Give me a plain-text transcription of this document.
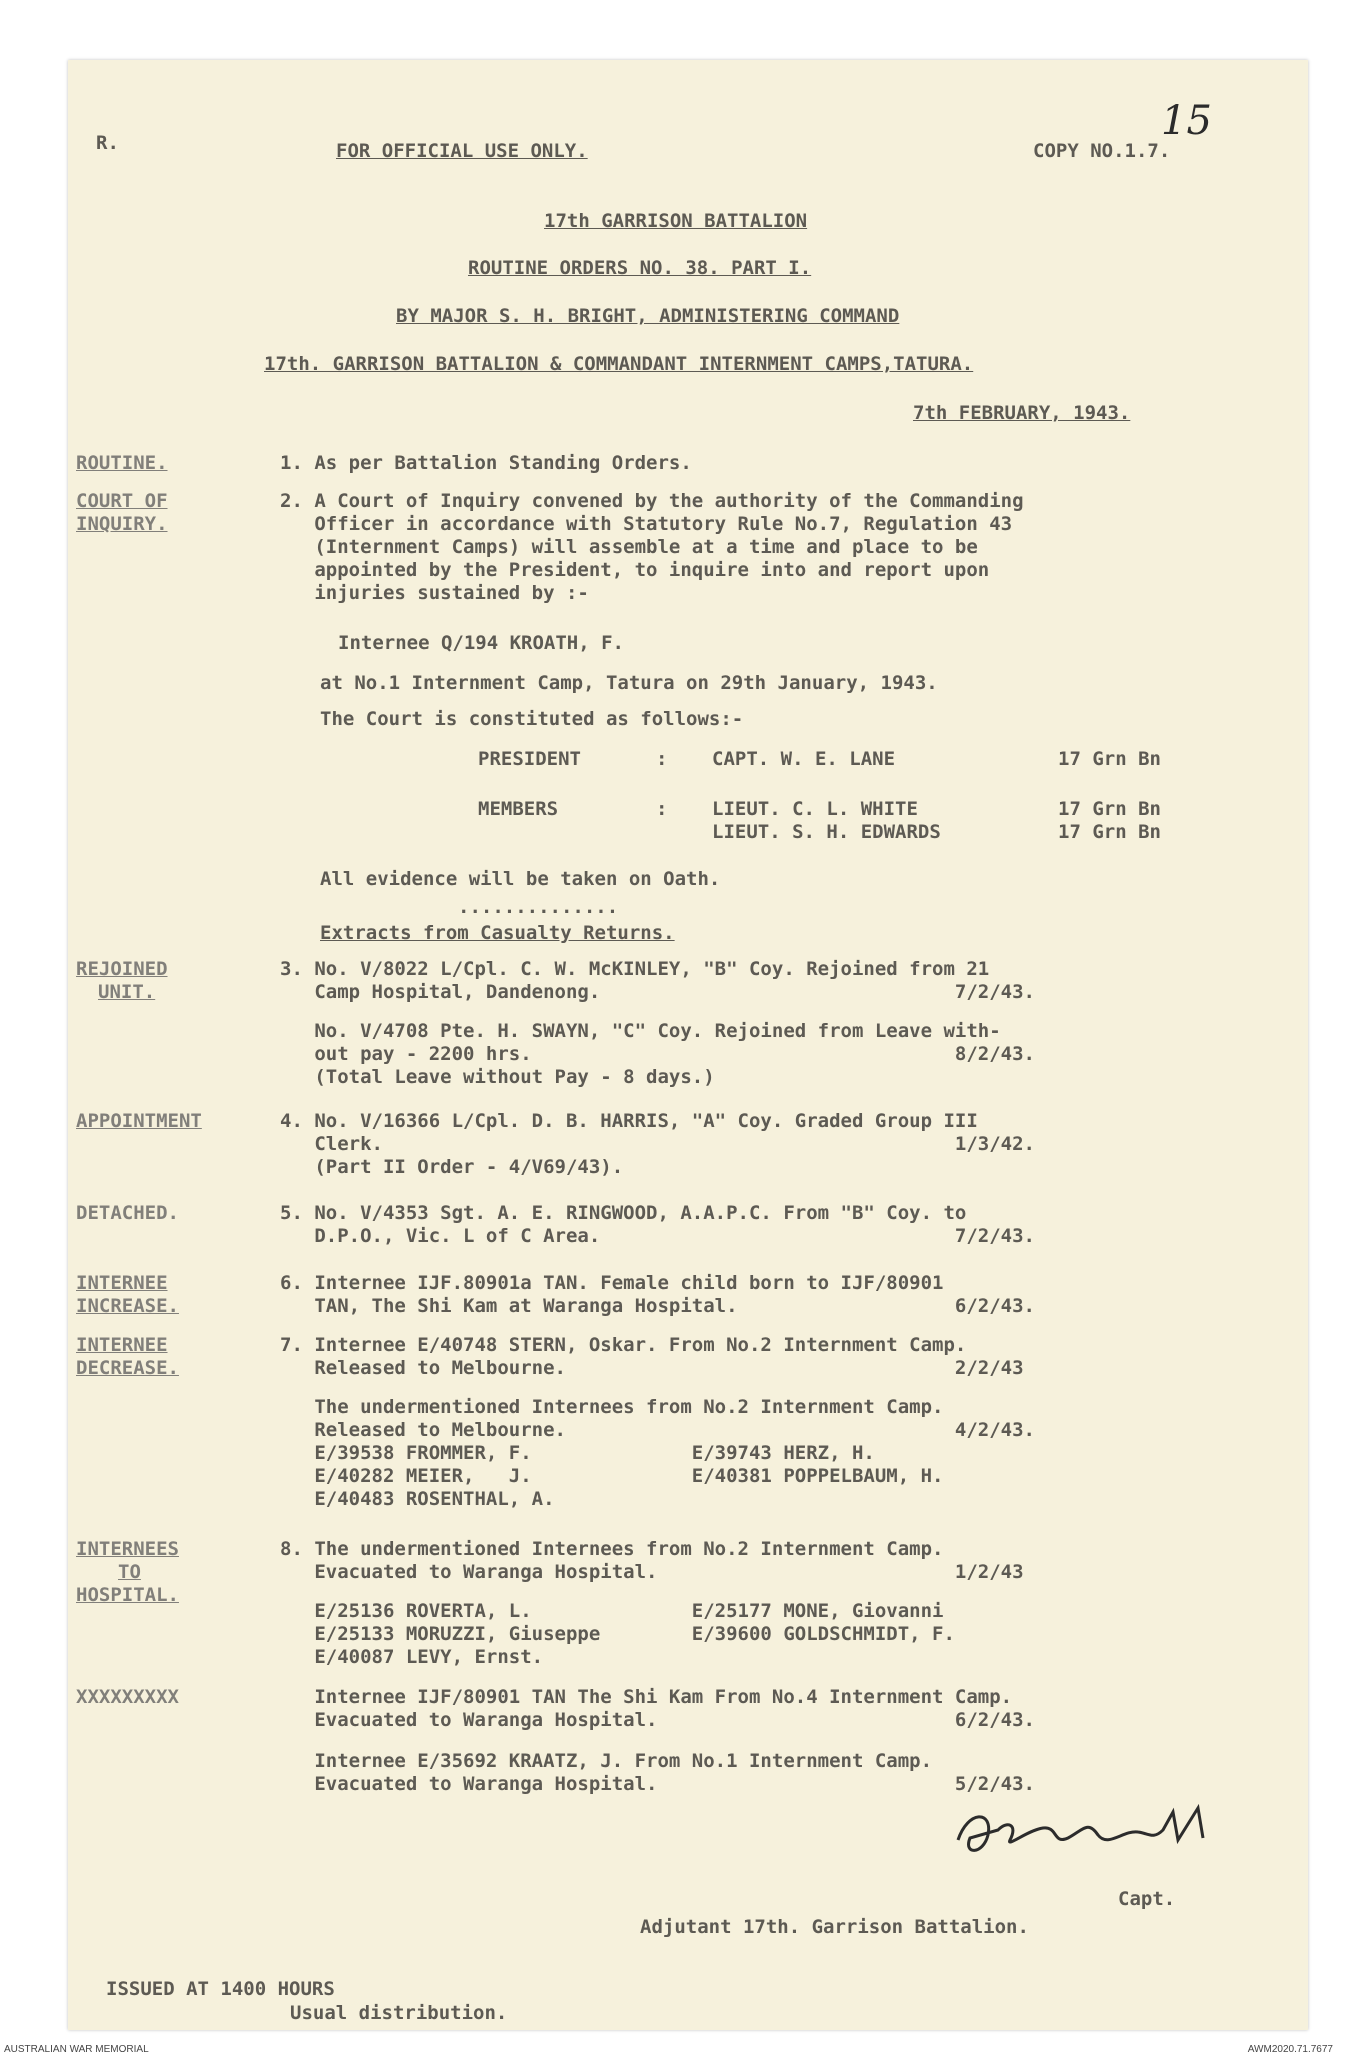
R.	FOR OFFICIAL USE ONLY.	COPY NO.1.7.
15
17th GARRISON BATTALION
ROUTINE ORDERS NO. 38. PART I.
BY MAJOR S. H. BRIGHT, ADMINISTERING COMMAND
17th. GARRISON BATTALION & COMMANDANT INTERNMENT CAMPS,TATURA.
7th FEBRUARY, 1943.
ROUTINE.	1. As per Battalion Standing Orders.
COURT OF
INQUIRY.
2. A Court of Inquiry convened by the authority of the Commanding
Officer in accordance with Statutory Rule No.7, Regulation 43
(Internment Camps) will assemble at a time and place to be
appointed by the President, to inquire into and report upon
injuries sustained by :-
Internee Q/194 KROATH, F.
at No.1 Internment Camp, Tatura on 29th January, 1943.
The Court is constituted as follows:-
PRESIDENT	: CAPT. W. E. LANE	17 Grn Bn
MEMBERS	: LIEUT. C. L. WHITE	17 Grn Bn
LIEUT. S. H. EDWARDS	17 Grn Bn
All evidence will be taken on Oath.
..............
Extracts from Casualty Returns.
REJOINED
UNIT.
3. No. V/8022 L/Cpl. C. W. McKINLEY, "B" Coy. Rejoined from 21
Camp Hospital, Dandenong.                               7/2/43.
No. V/4708 Pte. H. SWAYN, "C" Coy. Rejoined from Leave with-
out pay - 2200 hrs.                                     8/2/43.
(Total Leave without Pay - 8 days.)
APPOINTMENT	4. No. V/16366 L/Cpl. D. B. HARRIS, "A" Coy. Graded Group III
Clerk.                                                  1/3/42.
(Part II Order - 4/V69/43).
DETACHED.	5. No. V/4353 Sgt. A. E. RINGWOOD, A.A.P.C. From "B" Coy. to
D.P.O., Vic. L of C Area.                               7/2/43.
INTERNEE
INCREASE.
6. Internee IJF.80901a TAN. Female child born to IJF/80901
TAN, The Shi Kam at Waranga Hospital.                   6/2/43.
INTERNEE
DECREASE.
7. Internee E/40748 STERN, Oskar. From No.2 Internment Camp.
Released to Melbourne.                                  2/2/43
The undermentioned Internees from No.2 Internment Camp.
Released to Melbourne.                                  4/2/43.
E/39538 FROMMER, F.              E/39743 HERZ, H.
E/40282 MEIER,   J.              E/40381 POPPELBAUM, H.
E/40483 ROSENTHAL, A.
INTERNEES
TO
HOSPITAL.
8. The undermentioned Internees from No.2 Internment Camp.
Evacuated to Waranga Hospital.                          1/2/43
E/25136 ROVERTA, L.              E/25177 MONE, Giovanni
E/25133 MORUZZI, Giuseppe        E/39600 GOLDSCHMIDT, F.
E/40087 LEVY, Ernst.
XXXXXXXXX	Internee IJF/80901 TAN The Shi Kam From No.4 Internment Camp.
Evacuated to Waranga Hospital.                          6/2/43.
Internee E/35692 KRAATZ, J. From No.1 Internment Camp.
Evacuated to Waranga Hospital.                          5/2/43.
Capt.
Adjutant 17th. Garrison Battalion.
ISSUED AT 1400 HOURS
Usual distribution.
AUSTRALIAN WAR MEMORIAL	AWM2020.71.7677
